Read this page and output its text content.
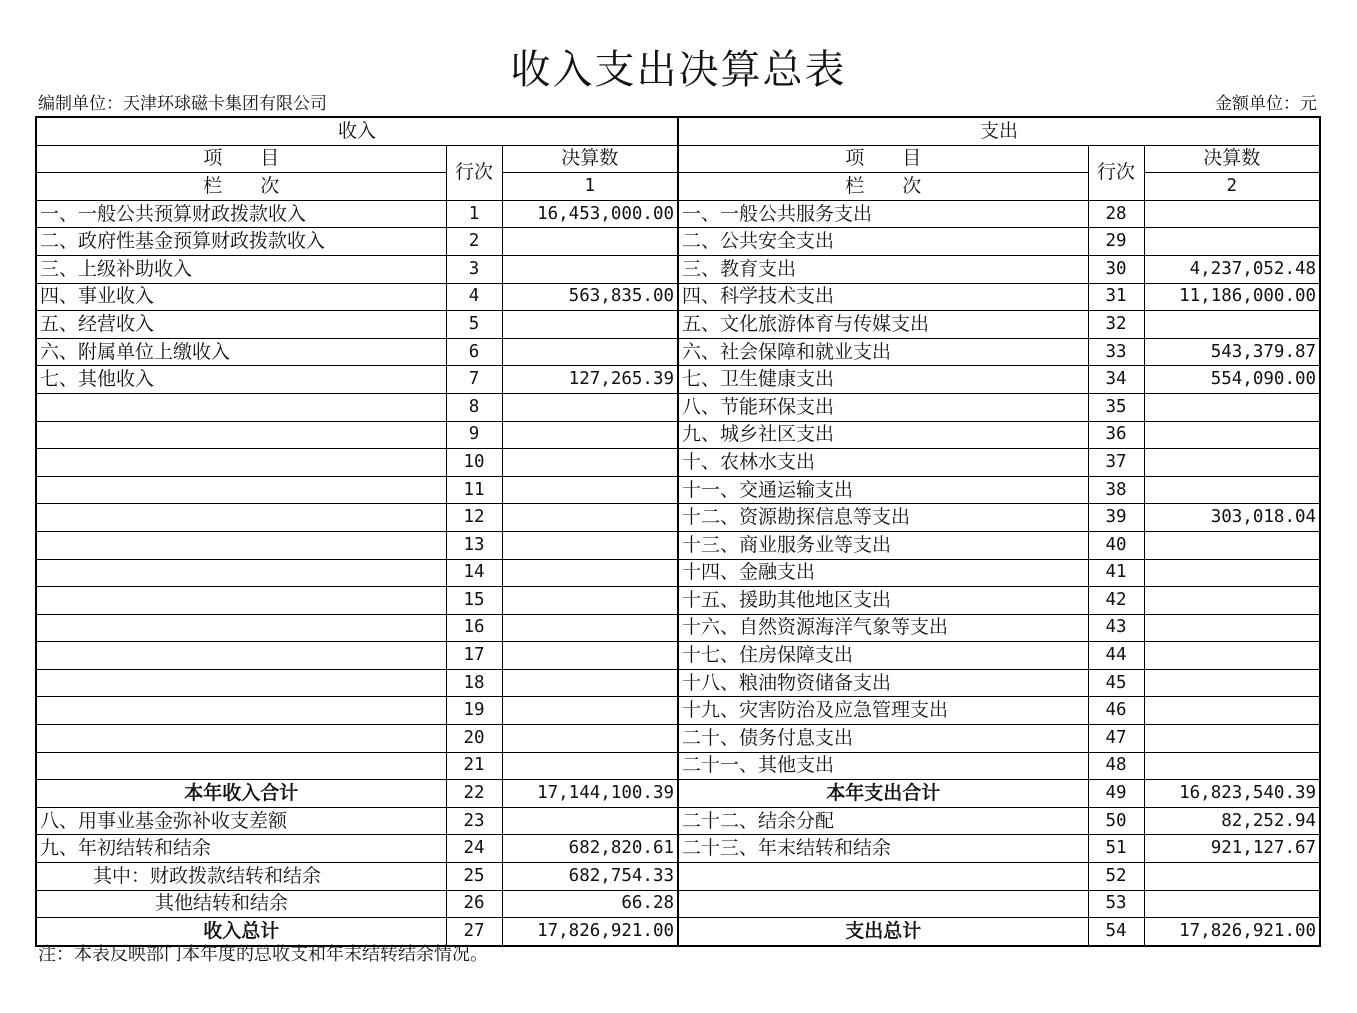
收入支出决算总表
编制单位：天津环球磁卡集团有限公司	金额单位：元
收入			支出		
项　　目	行次	决算数	项　　目	行次	决算数
栏　　次		1	栏　　次		2
一、一般公共预算财政拨款收入	1	16,453,000.00	一、一般公共服务支出	28	
二、政府性基金预算财政拨款收入	2		二、公共安全支出	29	
三、上级补助收入	3		三、教育支出	30	4,237,052.48
四、事业收入	4	563,835.00	四、科学技术支出	31	11,186,000.00
五、经营收入	5		五、文化旅游体育与传媒支出	32	
六、附属单位上缴收入	6		六、社会保障和就业支出	33	543,379.87
七、其他收入	7	127,265.39	七、卫生健康支出	34	554,090.00
	8		八、节能环保支出	35	
	9		九、城乡社区支出	36	
	10		十、农林水支出	37	
	11		十一、交通运输支出	38	
	12		十二、资源勘探信息等支出	39	303,018.04
	13		十三、商业服务业等支出	40	
	14		十四、金融支出	41	
	15		十五、援助其他地区支出	42	
	16		十六、自然资源海洋气象等支出	43	
	17		十七、住房保障支出	44	
	18		十八、粮油物资储备支出	45	
	19		十九、灾害防治及应急管理支出	46	
	20		二十、债务付息支出	47	
	21		二十一、其他支出	48	
本年收入合计	22	17,144,100.39	本年支出合计	49	16,823,540.39
八、用事业基金弥补收支差额	23		二十二、结余分配	50	82,252.94
九、年初结转和结余	24	682,820.61	二十三、年末结转和结余	51	921,127.67
其中：财政拨款结转和结余	25	682,754.33		52	
其他结转和结余	26	66.28		53	
收入总计	27	17,826,921.00	支出总计	54	17,826,921.00
注：本表反映部门本年度的总收支和年末结转结余情况。
